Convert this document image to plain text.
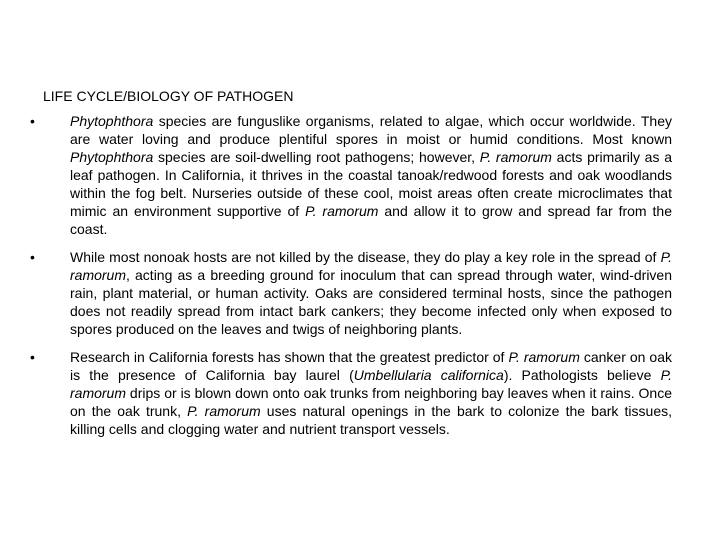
LIFE CYCLE/BIOLOGY OF PATHOGEN
•	Phytophthora species are funguslike organisms, related to algae, which occur worldwide. They are water loving and produce plentiful spores in moist or humid conditions. Most known Phytophthora species are soil-dwelling root pathogens; however, P. ramorum acts primarily as a leaf pathogen. In California, it thrives in the coastal tanoak/redwood forests and oak woodlands within the fog belt. Nurseries outside of these cool, moist areas often create microclimates that mimic an environment supportive of P. ramorum and allow it to grow and spread far from the coast.
•	While most nonoak hosts are not killed by the disease, they do play a key role in the spread of P. ramorum, acting as a breeding ground for inoculum that can spread through water, wind-driven rain, plant material, or human activity. Oaks are considered terminal hosts, since the pathogen does not readily spread from intact bark cankers; they become infected only when exposed to spores produced on the leaves and twigs of neighboring plants.
•	Research in California forests has shown that the greatest predictor of P. ramorum canker on oak is the presence of California bay laurel (Umbellularia californica). Pathologists believe P. ramorum drips or is blown down onto oak trunks from neighboring bay leaves when it rains. Once on the oak trunk, P. ramorum uses natural openings in the bark to colonize the bark tissues, killing cells and clogging water and nutrient transport vessels.
